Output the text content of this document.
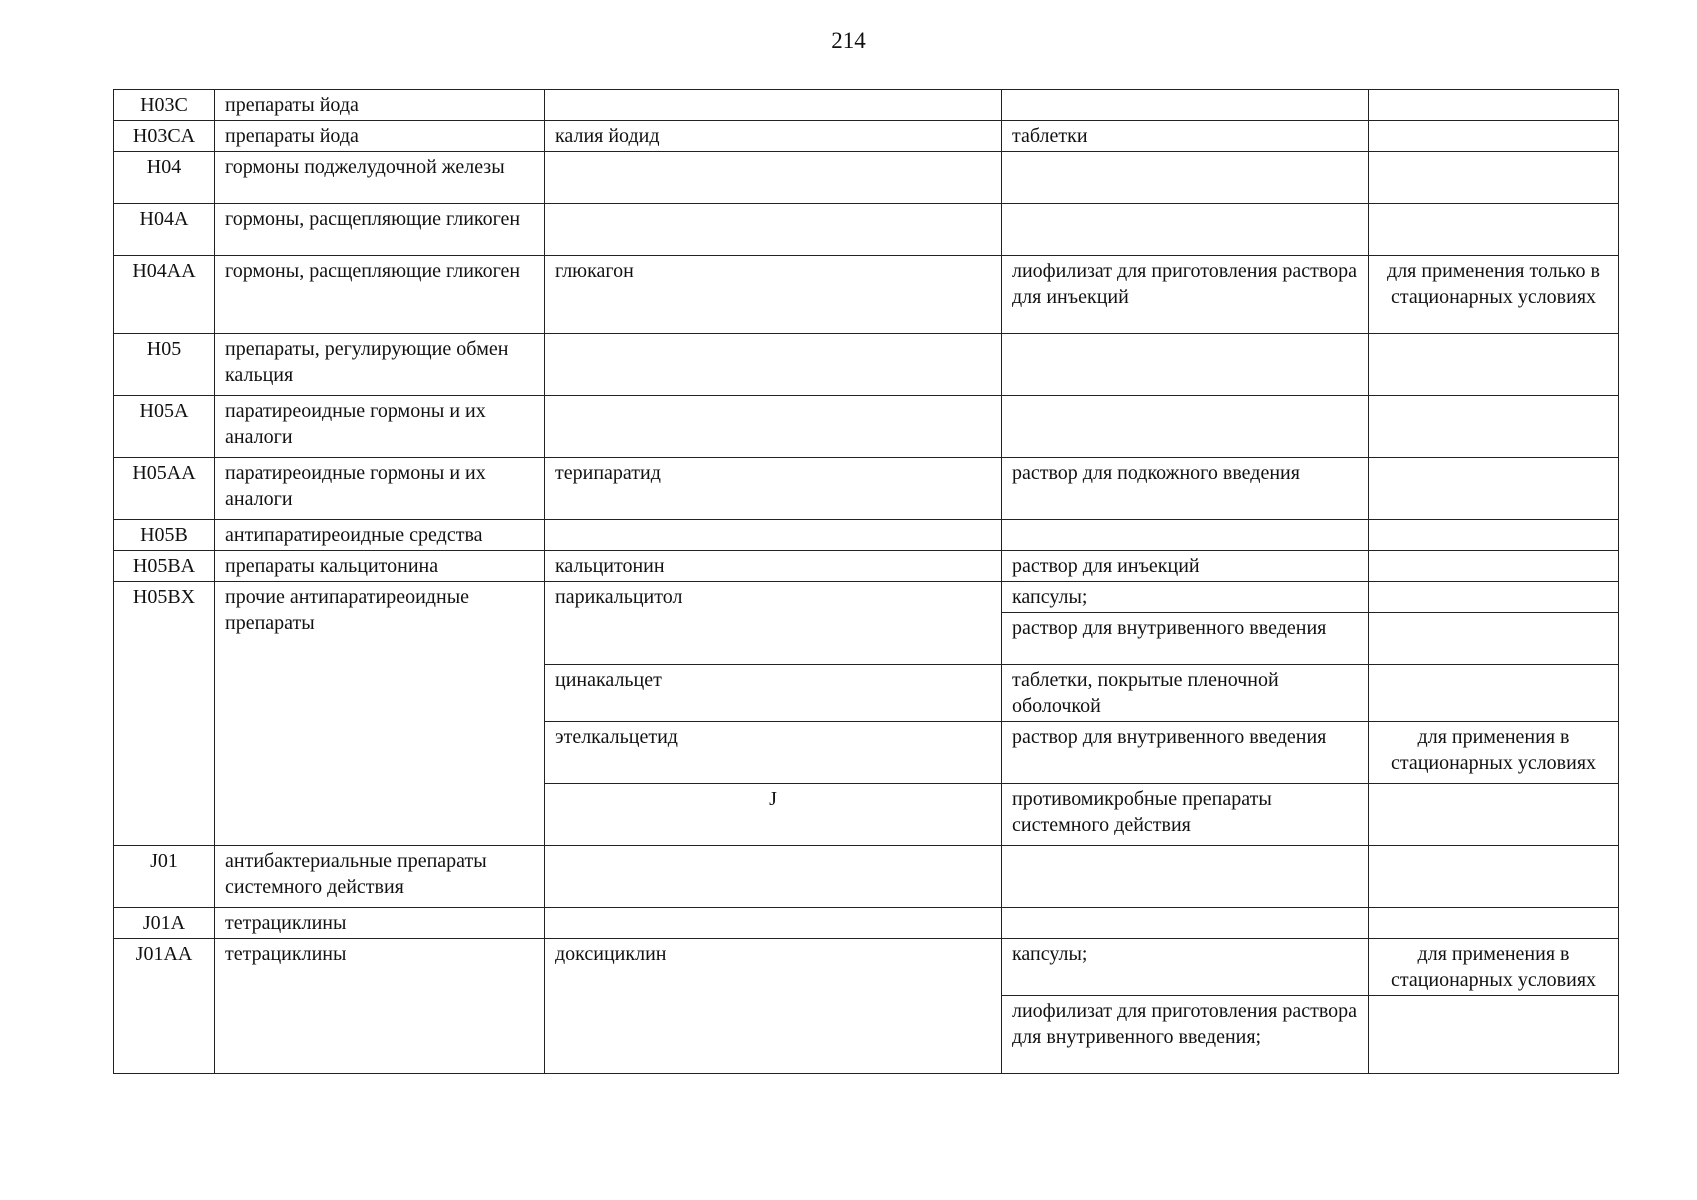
214
H03C	препараты йода				
H03CA	препараты йода	калия йодид	таблетки		
H04	гормоны поджелудочной железы				
H04A	гормоны, расщепляющие гликоген				
H04AA	гормоны, расщепляющие гликоген	глюкагон	лиофилизат для приготовления раствора для инъекций	для применения только в стационарных условиях	
H05	препараты, регулирующие обмен кальция				
H05A	паратиреоидные гормоны и их аналоги				
H05AA	паратиреоидные гормоны и их аналоги	терипаратид	раствор для подкожного введения		
H05B	антипаратиреоидные средства				
H05BA	препараты кальцитонина	кальцитонин	раствор для инъекций		
H05BX	прочие антипаратиреоидные препараты	парикальцитол	капсулы;		
			раствор для внутривенного введения		
		цинакальцет	таблетки, покрытые пленочной оболочкой		
		этелкальцетид	раствор для внутривенного введения	для применения в стационарных условиях	
		J	противомикробные препараты системного действия			
J01	антибактериальные препараты системного действия				
J01A	тетрациклины				
J01AA	тетрациклины	доксициклин	капсулы;	для применения в стационарных условиях	
			лиофилизат для приготовления раствора для внутривенного введения;		
